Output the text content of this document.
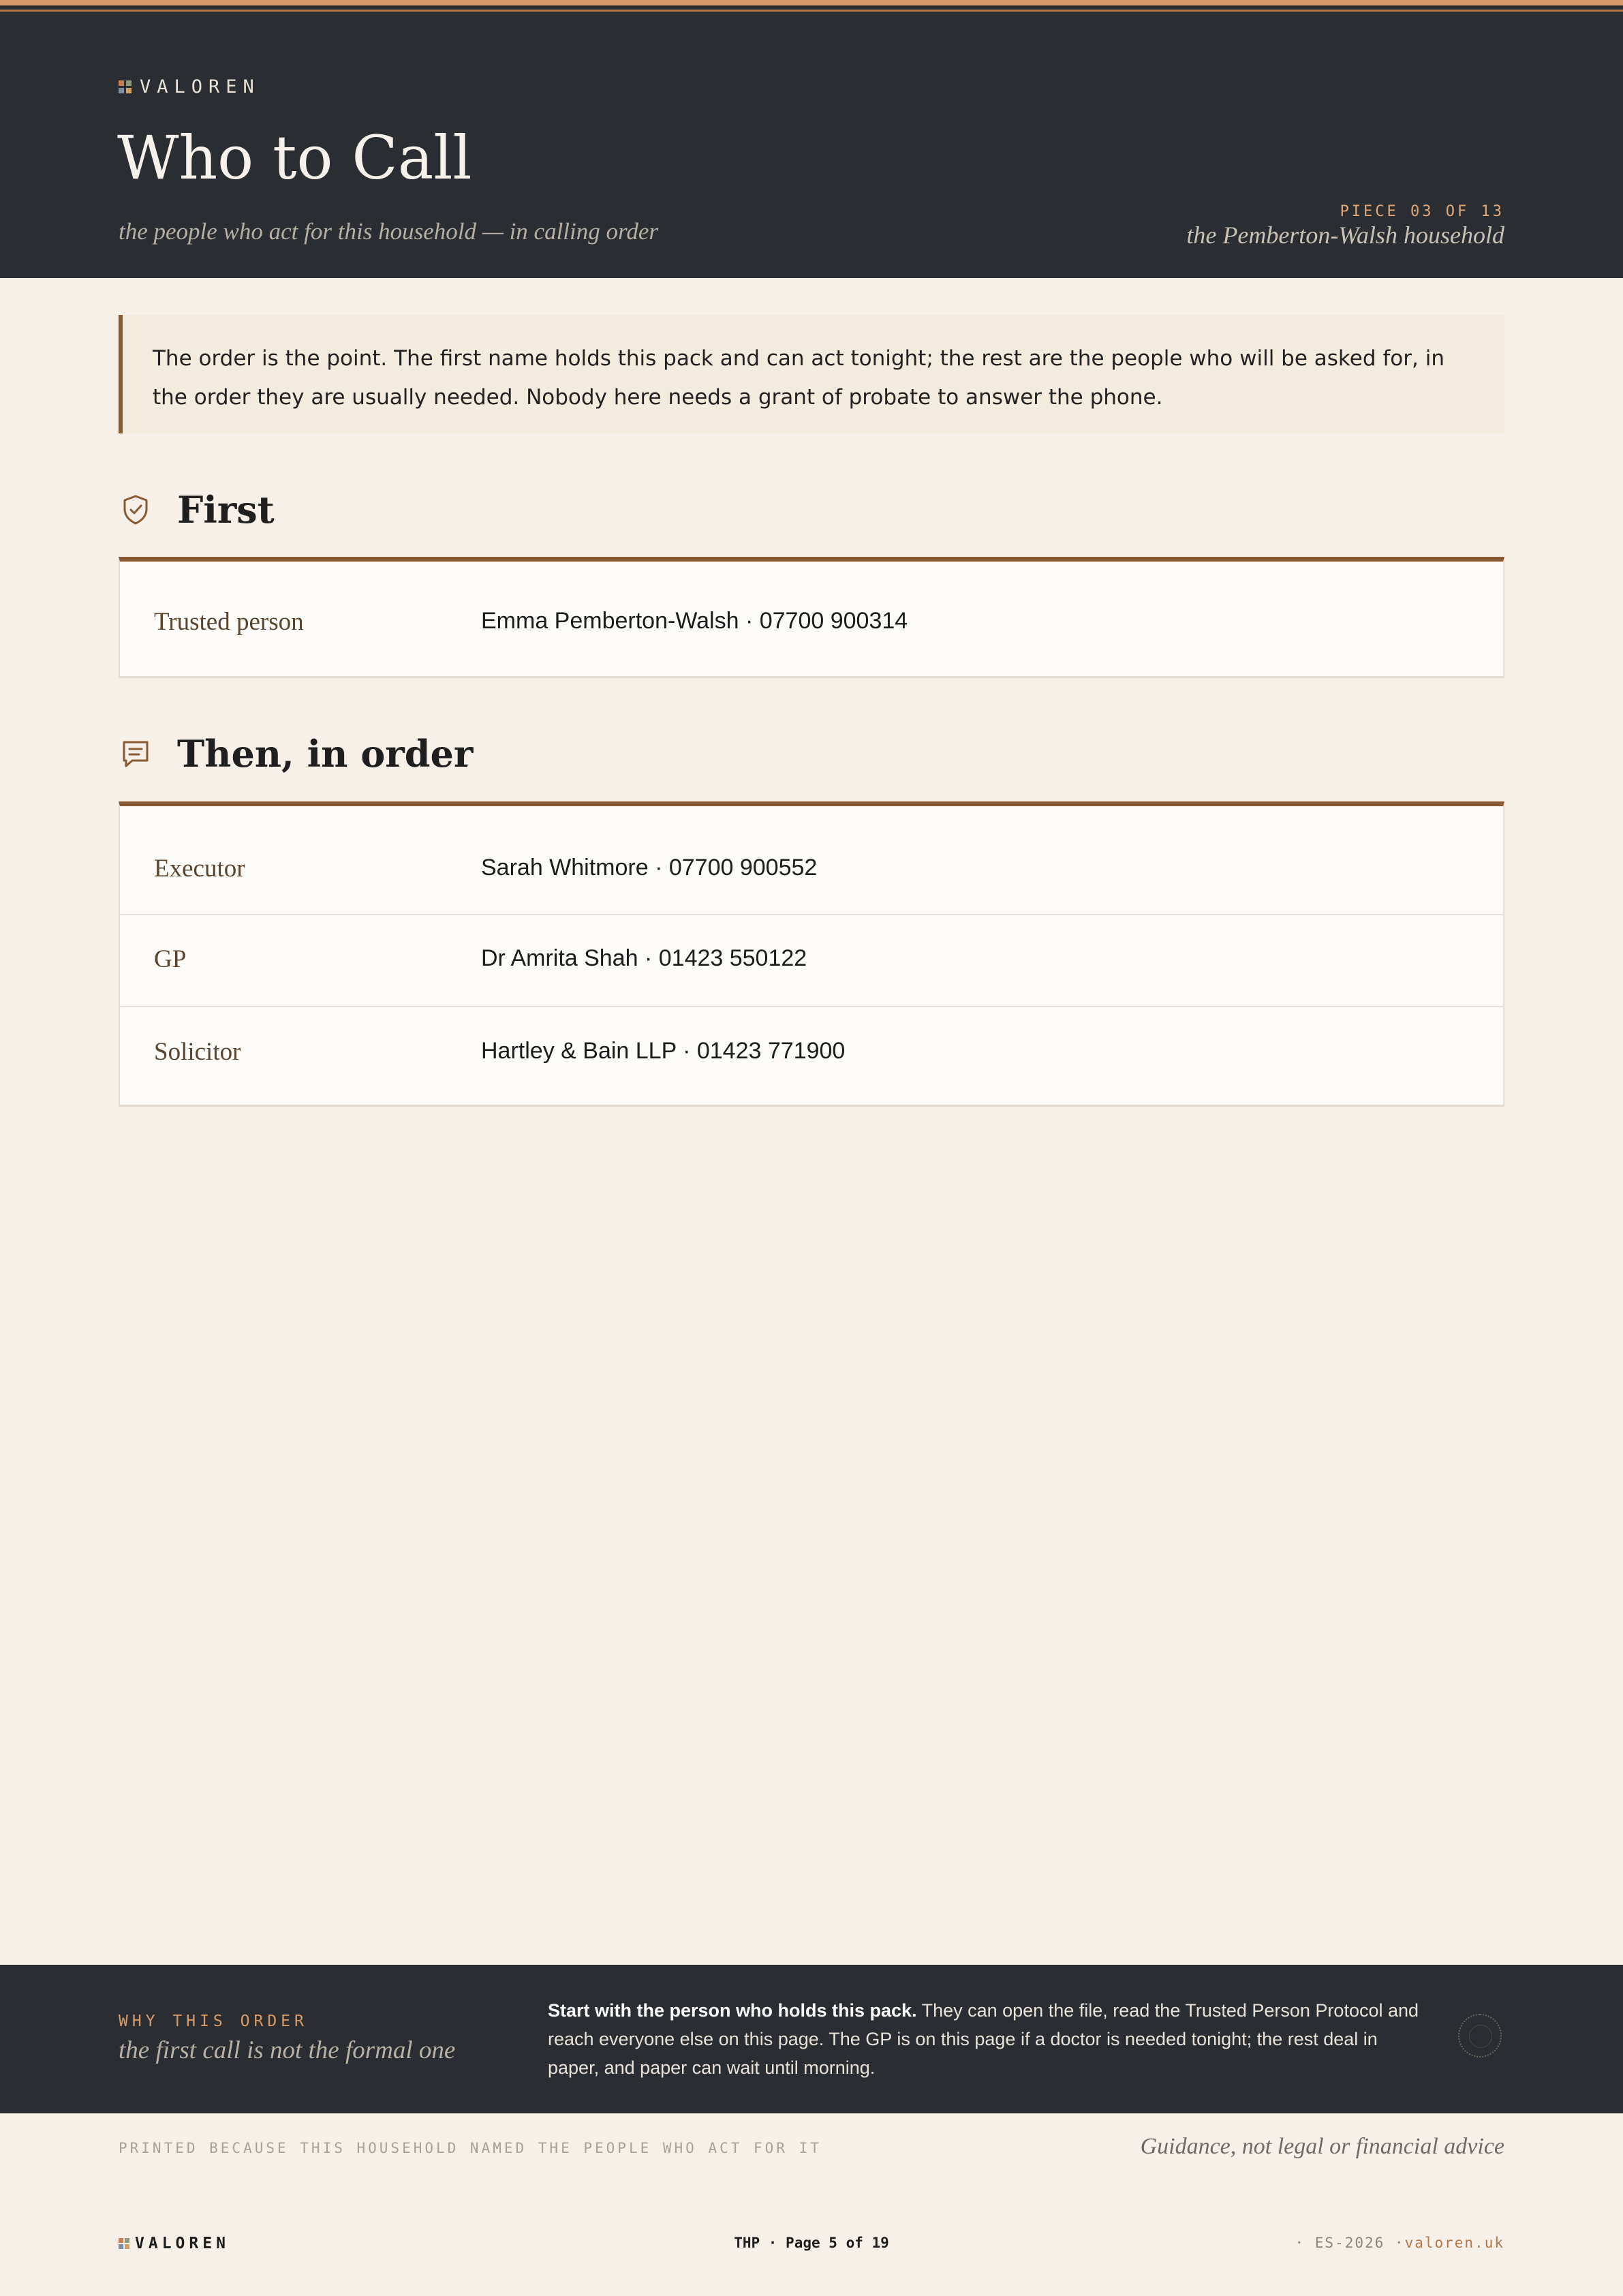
VALOREN
Who to Call
the people who act for this household — in calling order
PIECE 03 OF 13
the Pemberton-Walsh household
The order is the point. The first name holds this pack and can act tonight; the rest are the people who will be asked for, in the order they are usually needed. Nobody here needs a grant of probate to answer the phone.
First
Trusted person	Emma Pemberton-Walsh · 07700 900314
Then, in order
Executor	Sarah Whitmore · 07700 900552
GP	Dr Amrita Shah · 01423 550122
Solicitor	Hartley & Bain LLP · 01423 771900
WHY THIS ORDER
the first call is not the formal one
Start with the person who holds this pack. They can open the file, read the Trusted Person Protocol and reach everyone else on this page. The GP is on this page if a doctor is needed tonight; the rest deal in paper, and paper can wait until morning.
PRINTED BECAUSE THIS HOUSEHOLD NAMED THE PEOPLE WHO ACT FOR IT	Guidance, not legal or financial advice
VALOREN	THP · Page 5 of 19	· ES-2026 ·valoren.uk
